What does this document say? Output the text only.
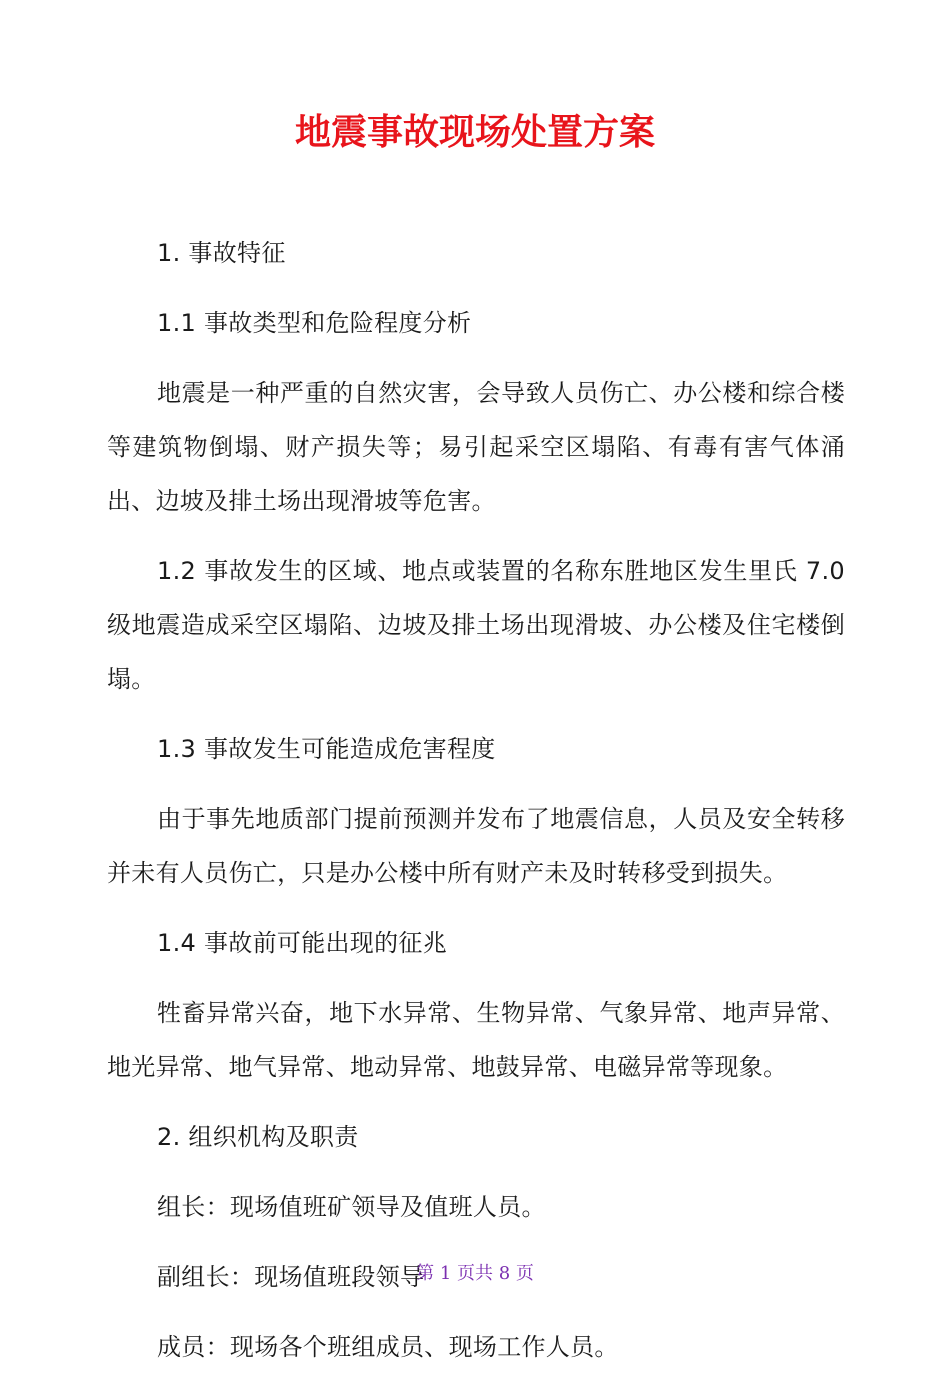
地震事故现场处置方案

1. 事故特征

1.1 事故类型和危险程度分析

地震是一种严重的自然灾害，会导致人员伤亡、办公楼和综合楼等建筑物倒塌、财产损失等；易引起采空区塌陷、有毒有害气体涌出、边坡及排土场出现滑坡等危害。

1.2 事故发生的区域、地点或装置的名称东胜地区发生里氏 7.0 级地震造成采空区塌陷、边坡及排土场出现滑坡、办公楼及住宅楼倒塌。

1.3 事故发生可能造成危害程度

由于事先地质部门提前预测并发布了地震信息，人员及安全转移并未有人员伤亡，只是办公楼中所有财产未及时转移受到损失。

1.4 事故前可能出现的征兆

牲畜异常兴奋，地下水异常、生物异常、气象异常、地声异常、地光异常、地气异常、地动异常、地鼓异常、电磁异常等现象。

2. 组织机构及职责

组长：现场值班矿领导及值班人员。

副组长：现场值班段领导

成员：现场各个班组成员、现场工作人员。

第 1 页共 8 页
